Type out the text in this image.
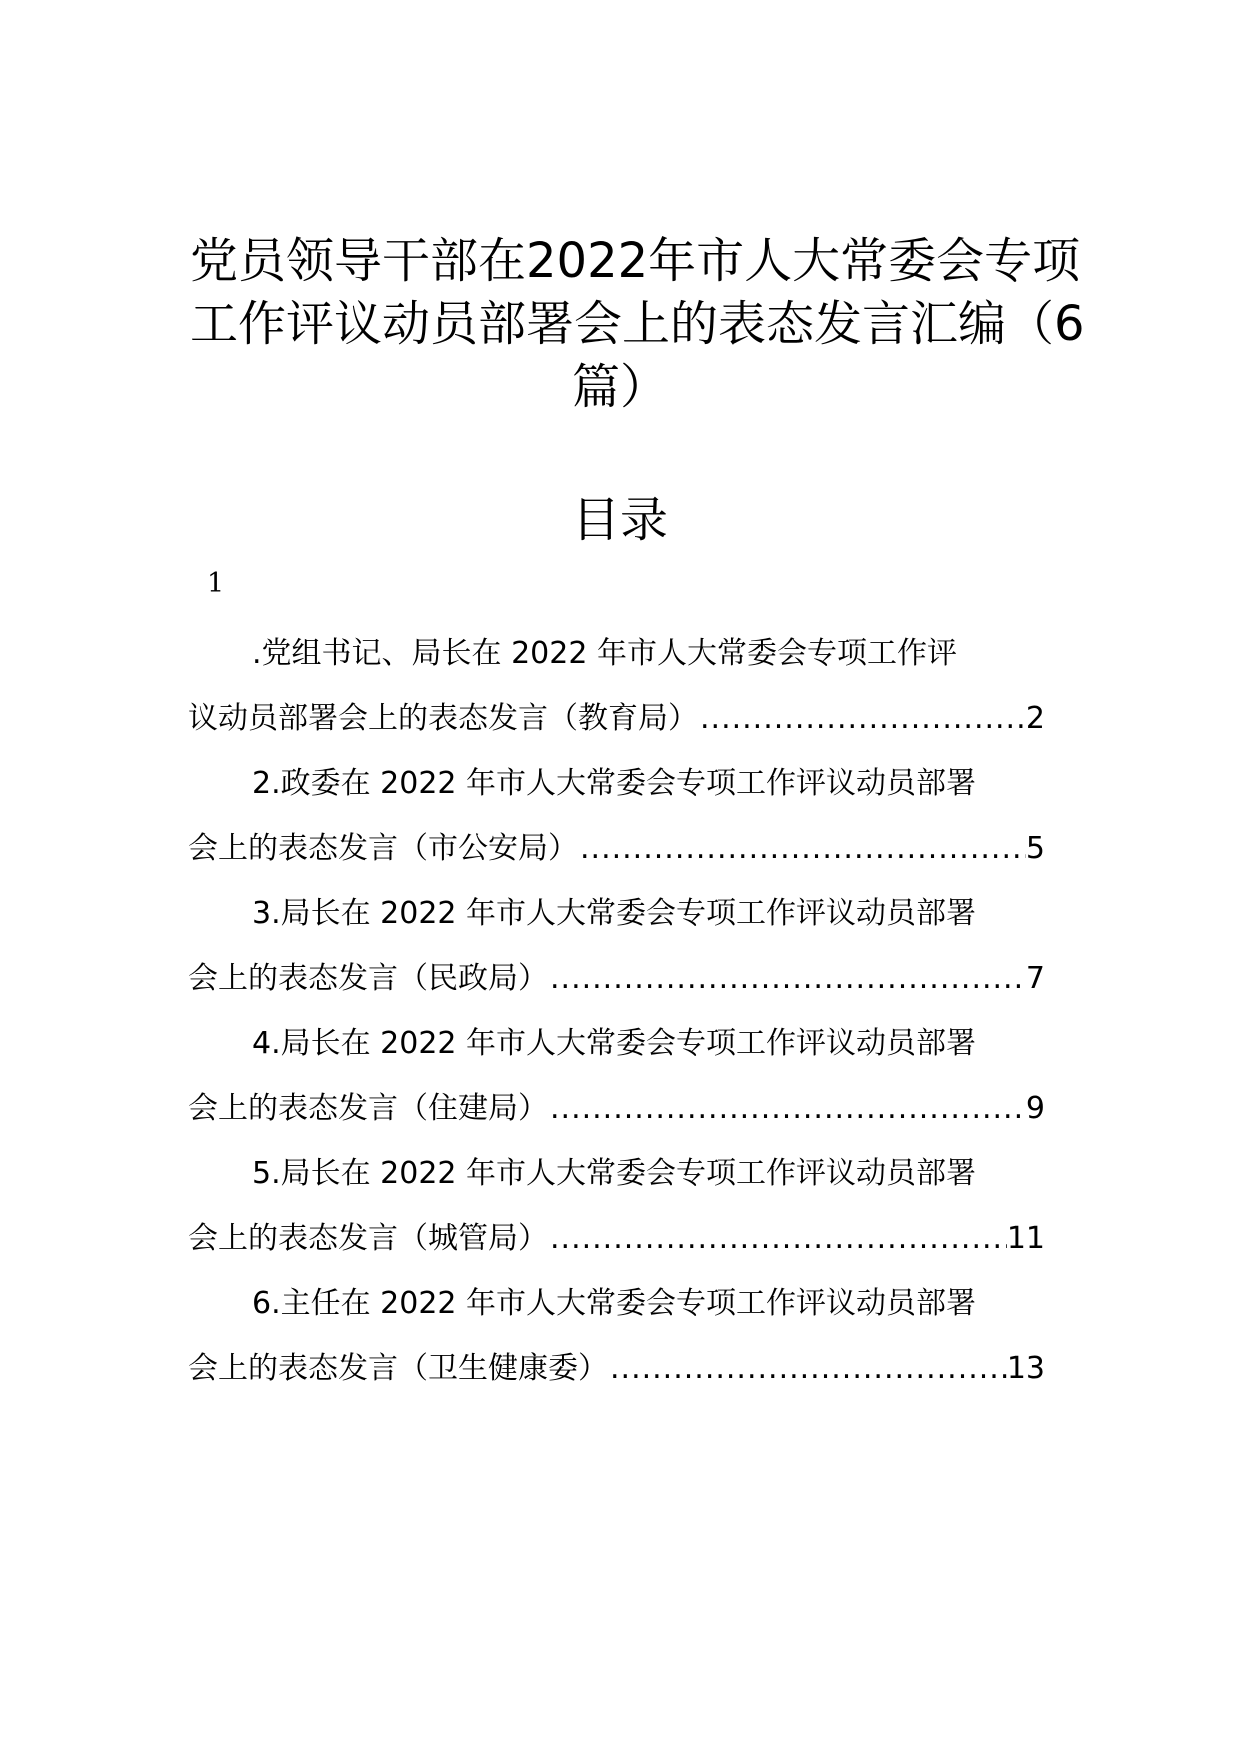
党员领导干部在2022年市人大常委会专项
工作评议动员部署会上的表态发言汇编（6
篇）
目录
1
.党组书记、局长在 2022 年市人大常委会专项工作评
议动员部署会上的表态发言（教育局） .....	2
2.政委在 2022 年市人大常委会专项工作评议动员部署
会上的表态发言（市公安局） .....	5
3.局长在 2022 年市人大常委会专项工作评议动员部署
会上的表态发言（民政局） .....	7
4.局长在 2022 年市人大常委会专项工作评议动员部署
会上的表态发言（住建局） .....	9
5.局长在 2022 年市人大常委会专项工作评议动员部署
会上的表态发言（城管局） .....	11
6.主任在 2022 年市人大常委会专项工作评议动员部署
会上的表态发言（卫生健康委） .....	13
